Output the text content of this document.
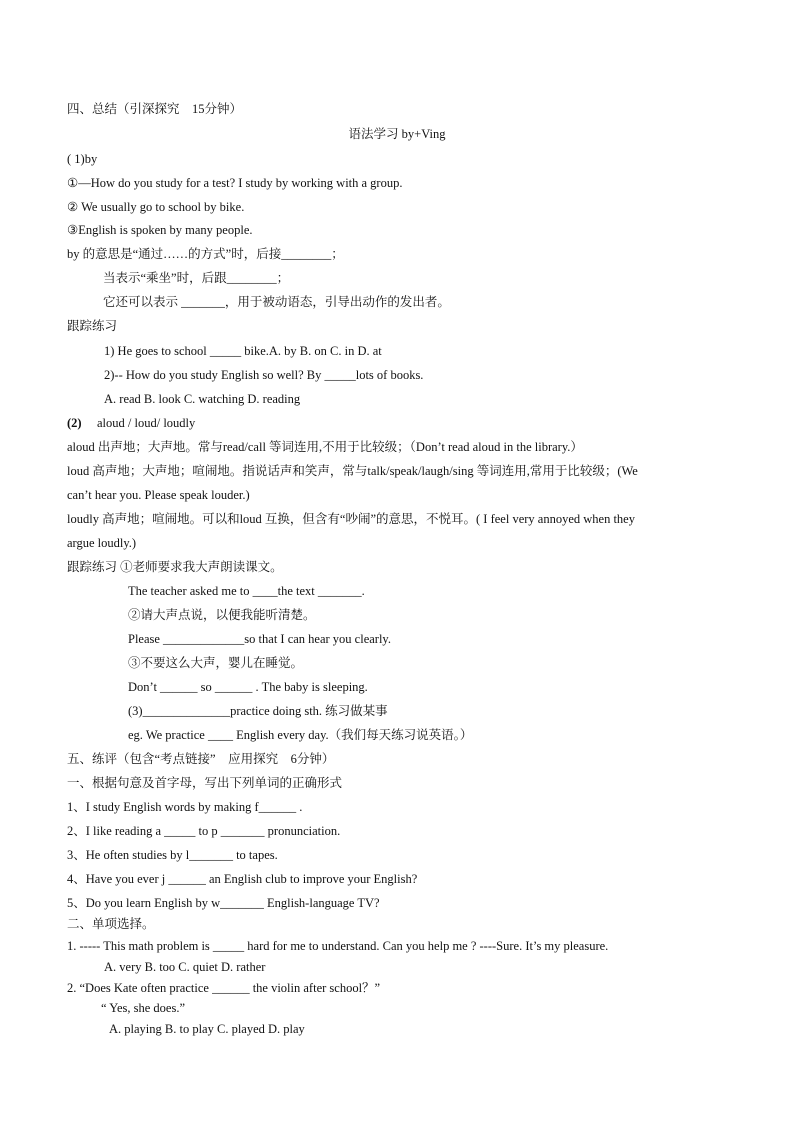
四、总结（引深探究　15分钟）
语法学习 by+Ving
( 1)by
①—How do you study for a test? I study by working with a group.
② We usually go to school by bike.
③English is spoken by many people.
by 的意思是“通过……的方式”时，后接________；
当表示“乘坐”时，后跟________；
它还可以表示 _______，用于被动语态，引导出动作的发出者。
跟踪练习
1) He goes to school _____ bike.A. by B. on C. in D. at
2)-- How do you study English so well? By _____lots of books.
A. read B. look C. watching D. reading
(2) aloud / loud/ loudly
aloud 出声地；大声地。常与read/call 等词连用,不用于比较级；（Don’t read aloud in the library.）
loud 高声地；大声地；喧闹地。指说话声和笑声，常与talk/speak/laugh/sing 等词连用,常用于比较级；(We
can’t hear you. Please speak louder.)
loudly 高声地；喧闹地。可以和loud 互换，但含有“吵闹”的意思，不悦耳。( I feel very annoyed when they
argue loudly.)
跟踪练习 ①老师要求我大声朗读课文。
The teacher asked me to ____the text _______.
②请大声点说，以便我能听清楚。
Please _____________so that I can hear you clearly.
③不要这么大声，婴儿在睡觉。
Don’t ______ so ______ . The baby is sleeping.
(3)______________practice doing sth. 练习做某事
eg. We practice ____ English every day.（我们每天练习说英语。）
五、练评（包含“考点链接”　应用探究　6分钟）
一、根据句意及首字母，写出下列单词的正确形式
1、I study English words by making f______ .
2、I like reading a _____ to p _______ pronunciation.
3、He often studies by l_______ to tapes.
4、Have you ever j ______ an English club to improve your English?
5、Do you learn English by w_______ English-language TV?
二、单项选择。
1. ----- This math problem is _____ hard for me to understand. Can you help me ? ----Sure. It’s my pleasure.
A. very B. too C. quiet D. rather
2. “Does Kate often practice ______ the violin after school？”
“ Yes, she does.”
A. playing B. to play C. played D. play
